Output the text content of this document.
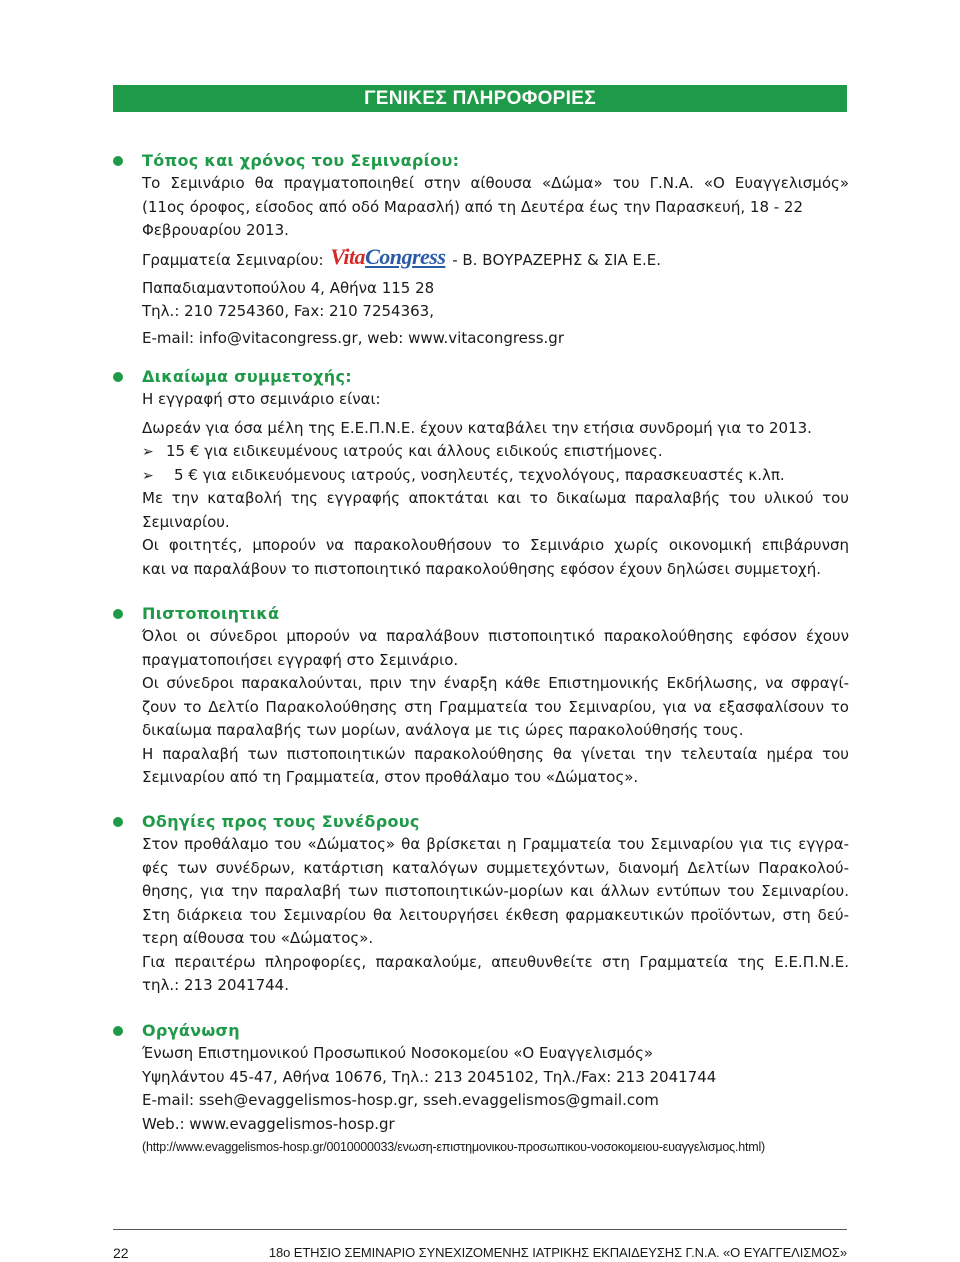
ΓΕΝΙΚΕΣ ΠΛΗΡΟΦΟΡΙΕΣ
Τόπος και χρόνος του Σεμιναρίου:
Το Σεμινάριο θα πραγματοποιηθεί στην αίθουσα «Δώμα» του Γ.Ν.Α. «Ο Ευαγγελισμός»
(11ος όροφος, είσοδος από οδό Μαρασλή) από τη Δευτέρα έως την Παρασκευή, 18 - 22
Φεβρουαρίου 2013.
Γραμματεία Σεμιναρίου: VitaCongress - Β. ΒΟΥΡΑΖΕΡΗΣ & ΣΙΑ Ε.Ε.
Παπαδιαμαντοπούλου 4, Αθήνα 115 28
Τηλ.: 210 7254360, Fax: 210 7254363,
E-mail: info@vitacongress.gr, web: www.vitacongress.gr
Δικαίωμα συμμετοχής:
Η εγγραφή στο σεμινάριο είναι:
Δωρεάν για όσα μέλη της Ε.Ε.Π.Ν.Ε. έχουν καταβάλει την ετήσια συνδρομή για το 2013.
➢ 15 € για ειδικευμένους ιατρούς και άλλους ειδικούς επιστήμονες.
➢ 5 € για ειδικευόμενους ιατρούς, νοσηλευτές, τεχνολόγους, παρασκευαστές κ.λπ.
Με την καταβολή της εγγραφής αποκτάται και το δικαίωμα παραλαβής του υλικού του
Σεμιναρίου.
Οι φοιτητές, μπορούν να παρακολουθήσουν το Σεμινάριο χωρίς οικονομική επιβάρυνση
και να παραλάβουν το πιστοποιητικό παρακολούθησης εφόσον έχουν δηλώσει συμμετοχή.
Πιστοποιητικά
Όλοι οι σύνεδροι μπορούν να παραλάβουν πιστοποιητικό παρακολούθησης εφόσον έχουν
πραγματοποιήσει εγγραφή στο Σεμινάριο.
Οι σύνεδροι παρακαλούνται, πριν την έναρξη κάθε Επιστημονικής Εκδήλωσης, να σφραγί-
ζουν το Δελτίο Παρακολούθησης στη Γραμματεία του Σεμιναρίου, για να εξασφαλίσουν το
δικαίωμα παραλαβής των μορίων, ανάλογα με τις ώρες παρακολούθησής τους.
Η παραλαβή των πιστοποιητικών παρακολούθησης θα γίνεται την τελευταία ημέρα του
Σεμιναρίου από τη Γραμματεία, στον προθάλαμο του «Δώματος».
Οδηγίες προς τους Συνέδρους
Στον προθάλαμο του «Δώματος» θα βρίσκεται η Γραμματεία του Σεμιναρίου για τις εγγρα-
φές των συνέδρων, κατάρτιση καταλόγων συμμετεχόντων, διανομή Δελτίων Παρακολού-
θησης, για την παραλαβή των πιστοποιητικών-μορίων και άλλων εντύπων του Σεμιναρίου.
Στη διάρκεια του Σεμιναρίου θα λειτουργήσει έκθεση φαρμακευτικών προϊόντων, στη δεύ-
τερη αίθουσα του «Δώματος».
Για περαιτέρω πληροφορίες, παρακαλούμε, απευθυνθείτε στη Γραμματεία της Ε.Ε.Π.Ν.Ε.
τηλ.: 213 2041744.
Οργάνωση
Ένωση Επιστημονικού Προσωπικού Νοσοκομείου «Ο Ευαγγελισμός»
Υψηλάντου 45-47, Αθήνα 10676, Τηλ.: 213 2045102, Τηλ./Fax: 213 2041744
E-mail: sseh@evaggelismos-hosp.gr, sseh.evaggelismos@gmail.com
Web.: www.evaggelismos-hosp.gr
(http://www.evaggelismos-hosp.gr/0010000033/ενωση-επιστημονικου-προσωπικου-νοσοκομειου-ευαγγελισμος.html)
22	18ο ΕΤΗΣΙΟ ΣΕΜΙΝΑΡΙΟ ΣΥΝΕΧΙΖΟΜΕΝΗΣ ΙΑΤΡΙΚΗΣ ΕΚΠΑΙΔΕΥΣΗΣ Γ.Ν.Α. «Ο ΕΥΑΓΓΕΛΙΣΜΟΣ»
